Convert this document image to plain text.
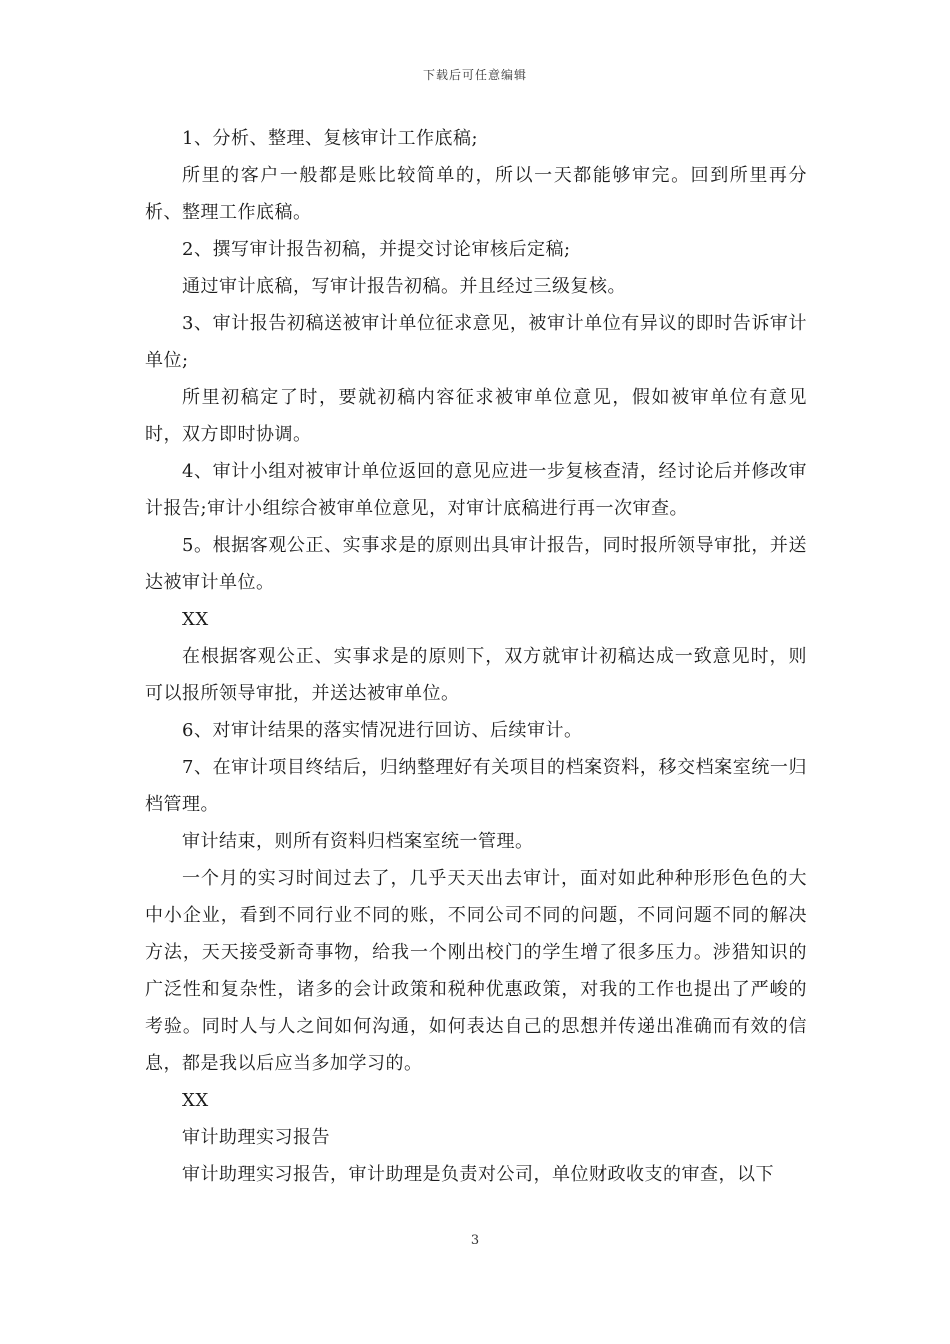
下载后可任意编辑

1、分析、整理、复核审计工作底稿;

所里的客户一般都是账比较简单的，所以一天都能够审完。回到所里再分析、整理工作底稿。

2、撰写审计报告初稿，并提交讨论审核后定稿;

通过审计底稿，写审计报告初稿。并且经过三级复核。

3、审计报告初稿送被审计单位征求意见，被审计单位有异议的即时告诉审计单位;

所里初稿定了时，要就初稿内容征求被审单位意见，假如被审单位有意见时，双方即时协调。

4、审计小组对被审计单位返回的意见应进一步复核查清，经讨论后并修改审计报告;审计小组综合被审单位意见，对审计底稿进行再一次审查。

5。根据客观公正、实事求是的原则出具审计报告，同时报所领导审批，并送达被审计单位。

XX

在根据客观公正、实事求是的原则下，双方就审计初稿达成一致意见时，则可以报所领导审批，并送达被审单位。

6、对审计结果的落实情况进行回访、后续审计。

7、在审计项目终结后，归纳整理好有关项目的档案资料，移交档案室统一归档管理。

审计结束，则所有资料归档案室统一管理。

一个月的实习时间过去了，几乎天天出去审计，面对如此种种形形色色的大中小企业，看到不同行业不同的账，不同公司不同的问题，不同问题不同的解决方法，天天接受新奇事物，给我一个刚出校门的学生增了很多压力。涉猎知识的广泛性和复杂性，诸多的会计政策和税种优惠政策，对我的工作也提出了严峻的考验。同时人与人之间如何沟通，如何表达自己的思想并传递出准确而有效的信息，都是我以后应当多加学习的。

XX

审计助理实习报告

审计助理实习报告，审计助理是负责对公司，单位财政收支的审查，以下

3
